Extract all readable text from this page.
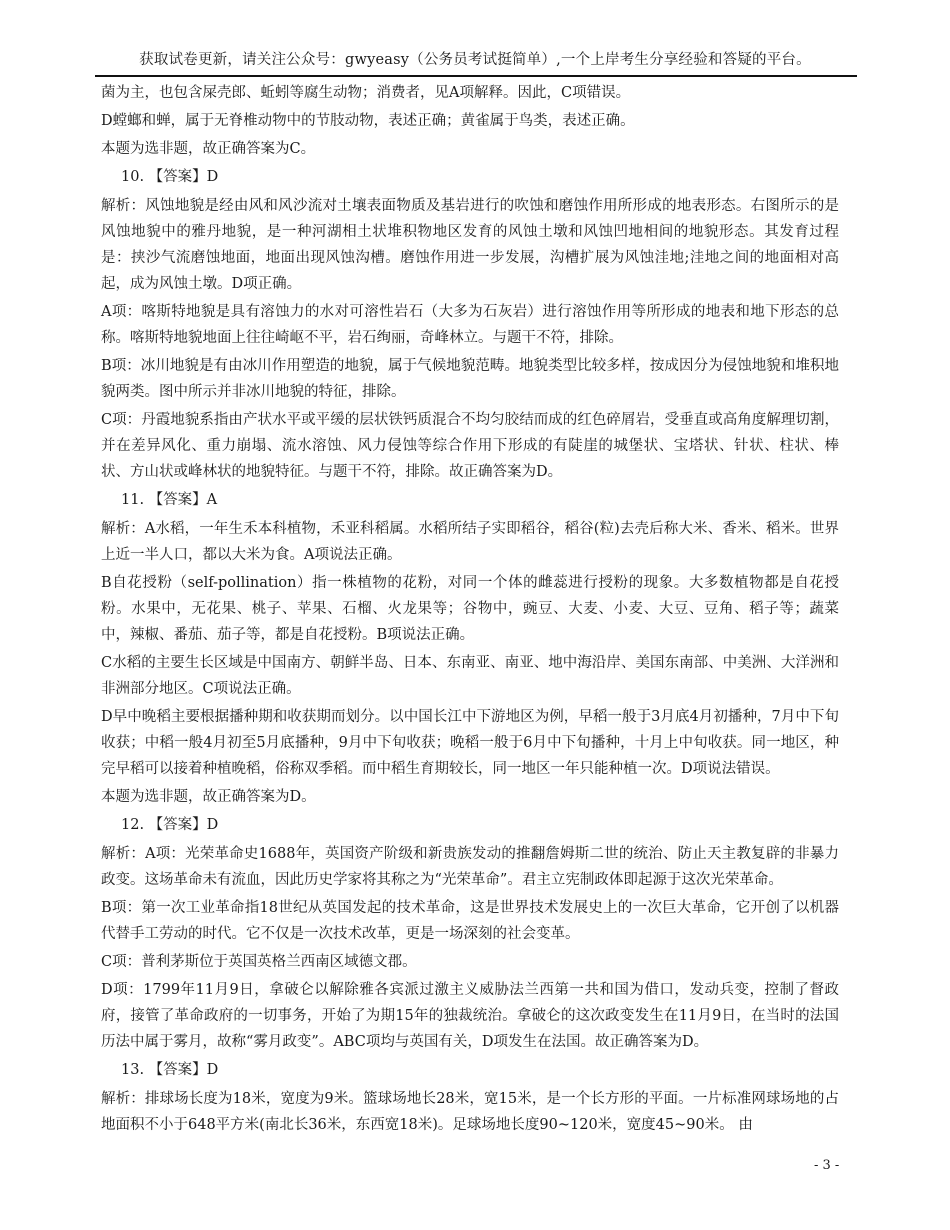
获取试卷更新，请关注公众号：gwyeasy（公务员考试挺简单）,一个上岸考生分享经验和答疑的平台。

菌为主，也包含屎壳郎、蚯蚓等腐生动物；消费者，见A项解释。因此，C项错误。

D螳螂和蝉，属于无脊椎动物中的节肢动物，表述正确；黄雀属于鸟类，表述正确。

本题为选非题，故正确答案为C。

10. 【答案】D

解析：风蚀地貌是经由风和风沙流对土壤表面物质及基岩进行的吹蚀和磨蚀作用所形成的地表形态。右图所示的是风蚀地貌中的雅丹地貌，是一种河湖相土状堆积物地区发育的风蚀土墩和风蚀凹地相间的地貌形态。其发育过程是：挟沙气流磨蚀地面，地面出现风蚀沟槽。磨蚀作用进一步发展，沟槽扩展为风蚀洼地;洼地之间的地面相对高起，成为风蚀土墩。D项正确。

A项：喀斯特地貌是具有溶蚀力的水对可溶性岩石（大多为石灰岩）进行溶蚀作用等所形成的地表和地下形态的总称。喀斯特地貌地面上往往崎岖不平，岩石绚丽，奇峰林立。与题干不符，排除。

B项：冰川地貌是有由冰川作用塑造的地貌，属于气候地貌范畴。地貌类型比较多样，按成因分为侵蚀地貌和堆积地貌两类。图中所示并非冰川地貌的特征，排除。

C项：丹霞地貌系指由产状水平或平缓的层状铁钙质混合不均匀胶结而成的红色碎屑岩，受垂直或高角度解理切割，并在差异风化、重力崩塌、流水溶蚀、风力侵蚀等综合作用下形成的有陡崖的城堡状、宝塔状、针状、柱状、棒状、方山状或峰林状的地貌特征。与题干不符，排除。故正确答案为D。

11. 【答案】A

解析：A水稻，一年生禾本科植物，禾亚科稻属。水稻所结子实即稻谷，稻谷(粒)去壳后称大米、香米、稻米。世界上近一半人口，都以大米为食。A项说法正确。

B自花授粉（self-pollination）指一株植物的花粉，对同一个体的雌蕊进行授粉的现象。大多数植物都是自花授粉。水果中，无花果、桃子、苹果、石榴、火龙果等；谷物中，豌豆、大麦、小麦、大豆、豆角、稻子等；蔬菜中，辣椒、番茄、茄子等，都是自花授粉。B项说法正确。

C水稻的主要生长区域是中国南方、朝鲜半岛、日本、东南亚、南亚、地中海沿岸、美国东南部、中美洲、大洋洲和非洲部分地区。C项说法正确。

D早中晚稻主要根据播种期和收获期而划分。以中国长江中下游地区为例，早稻一般于3月底4月初播种，7月中下旬收获；中稻一般4月初至5月底播种，9月中下旬收获；晚稻一般于6月中下旬播种，十月上中旬收获。同一地区，种完早稻可以接着种植晚稻，俗称双季稻。而中稻生育期较长，同一地区一年只能种植一次。D项说法错误。

本题为选非题，故正确答案为D。

12. 【答案】D

解析：A项：光荣革命史1688年，英国资产阶级和新贵族发动的推翻詹姆斯二世的统治、防止天主教复辟的非暴力政变。这场革命未有流血，因此历史学家将其称之为“光荣革命”。君主立宪制政体即起源于这次光荣革命。

B项：第一次工业革命指18世纪从英国发起的技术革命，这是世界技术发展史上的一次巨大革命，它开创了以机器代替手工劳动的时代。它不仅是一次技术改革，更是一场深刻的社会变革。

C项：普利茅斯位于英国英格兰西南区域德文郡。

D项：1799年11月9日，拿破仑以解除雅各宾派过激主义威胁法兰西第一共和国为借口，发动兵变，控制了督政府，接管了革命政府的一切事务，开始了为期15年的独裁统治。拿破仑的这次政变发生在11月9日，在当时的法国历法中属于雾月，故称“雾月政变”。ABC项均与英国有关，D项发生在法国。故正确答案为D。

13. 【答案】D

解析：排球场长度为18米，宽度为9米。篮球场地长28米，宽15米，是一个长方形的平面。一片标准网球场地的占地面积不小于648平方米(南北长36米，东西宽18米)。足球场地长度90~120米，宽度45~90米。 由

- 3 -
